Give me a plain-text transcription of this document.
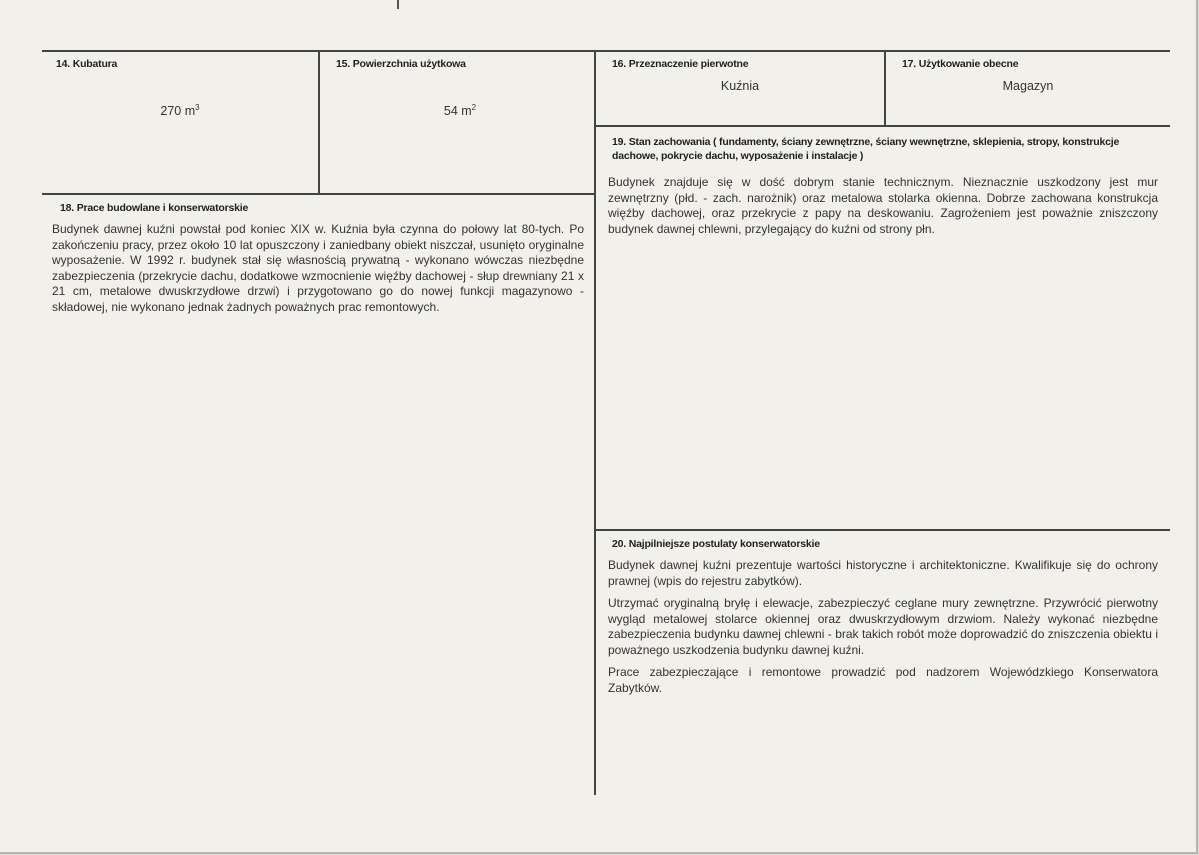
14. Kubatura
270 $m^3$
15. Powierzchnia użytkowa
54 $m^2$
16. Przeznaczenie pierwotne
Kuźnia
17. Użytkowanie obecne
Magazyn
19. Stan zachowania ( fundamenty, ściany zewnętrzne, ściany wewnętrzne, sklepienia, stropy, konstrukcje dachowe, pokrycie dachu, wyposażenie i instalacje )
Budynek znajduje się w dość dobrym stanie technicznym. Nieznacznie uszkodzony jest mur zewnętrzny (płd. - zach. narożnik) oraz metalowa stolarka okienna. Dobrze zachowana konstrukcja więźby dachowej, oraz przekrycie z papy na deskowaniu. Zagrożeniem jest poważnie zniszczony budynek dawnej chlewni, przylegający do kuźni od strony płn.
18. Prace budowlane i konserwatorskie
Budynek dawnej kuźni powstał pod koniec XIX w. Kuźnia była czynna do połowy lat 80-tych. Po zakończeniu pracy, przez około 10 lat opuszczony i zaniedbany obiekt niszczał, usunięto oryginalne wyposażenie. W 1992 r. budynek stał się własnością prywatną - wykonano wówczas niezbędne zabezpieczenia (przekrycie dachu, dodatkowe wzmocnienie więźby dachowej - słup drewniany 21 x 21 cm, metalowe dwuskrzydłowe drzwi) i przygotowano go do nowej funkcji magazynowo - składowej, nie wykonano jednak żadnych poważnych prac remontowych.
20. Najpilniejsze postulaty konserwatorskie

Budynek dawnej kuźni prezentuje wartości historyczne i architektoniczne. Kwalifikuje się do ochrony prawnej (wpis do rejestru zabytków).

Utrzymać oryginalną bryłę i elewacje, zabezpieczyć ceglane mury zewnętrzne. Przywrócić pierwotny wygląd metalowej stolarce okiennej oraz dwuskrzydłowym drzwiom. Należy wykonać niezbędne zabezpieczenia budynku dawnej chlewni - brak takich robót może doprowadzić do zniszczenia obiektu i poważnego uszkodzenia budynku dawnej kuźni.

Prace zabezpieczające i remontowe prowadzić pod nadzorem Wojewódzkiego Konserwatora Zabytków.
